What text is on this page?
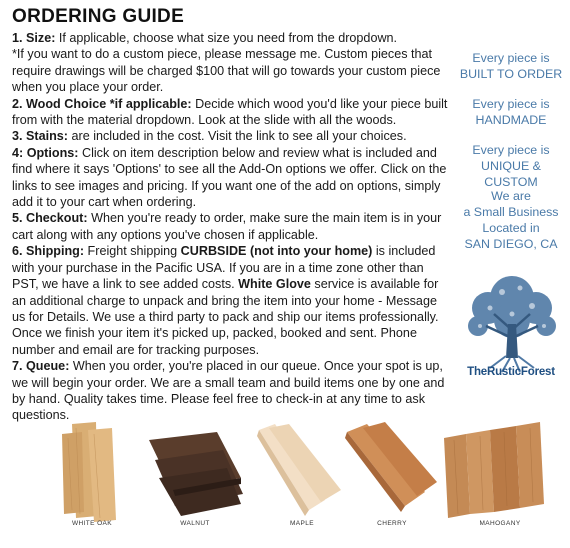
ORDERING GUIDE

1. Size: If applicable, choose what size you need from the dropdown.
*If you want to do a custom piece, please message me. Custom pieces that require drawings will be charged $100 that will go towards your custom piece when you place your order.

2. Wood Choice *if applicable: Decide which wood you'd like your piece built from with the material dropdown. Look at the slide with all the woods.

3. Stains: are included in the cost. Visit the link to see all your choices.

4: Options: Click on item description below and review what is included and find where it says 'Options' to see all the Add-On options we offer. Click on the links to see images and pricing. If you want one of the add on options, simply add it to your cart when ordering.

5. Checkout: When you're ready to order, make sure the main item is in your cart along with any options you've chosen if applicable.

6. Shipping: Freight shipping CURBSIDE (not into your home) is included with your purchase in the Pacific USA. If you are in a time zone other than PST, we have a link to see added costs. White Glove service is available for an additional charge to unpack and bring the item into your home - Message us for Details. We use a third party to pack and ship our items professionally. Once we finish your item it's picked up, packed, booked and sent. Phone number and email are for tracking purposes.

7. Queue: When you order, you're placed in our queue. Once your spot is up, we will begin your order. We are a small team and build items one by one and by hand. Quality takes time. Please feel free to check-in at any time to ask questions.

Every piece is
BUILT TO ORDER
Every piece is
HANDMADE
Every piece is
UNIQUE & CUSTOM
We are
a Small Business
Located in
SAN DIEGO, CA
TheRusticForest
WHITE OAK	WALNUT	MAPLE	CHERRY	MAHOGANY
